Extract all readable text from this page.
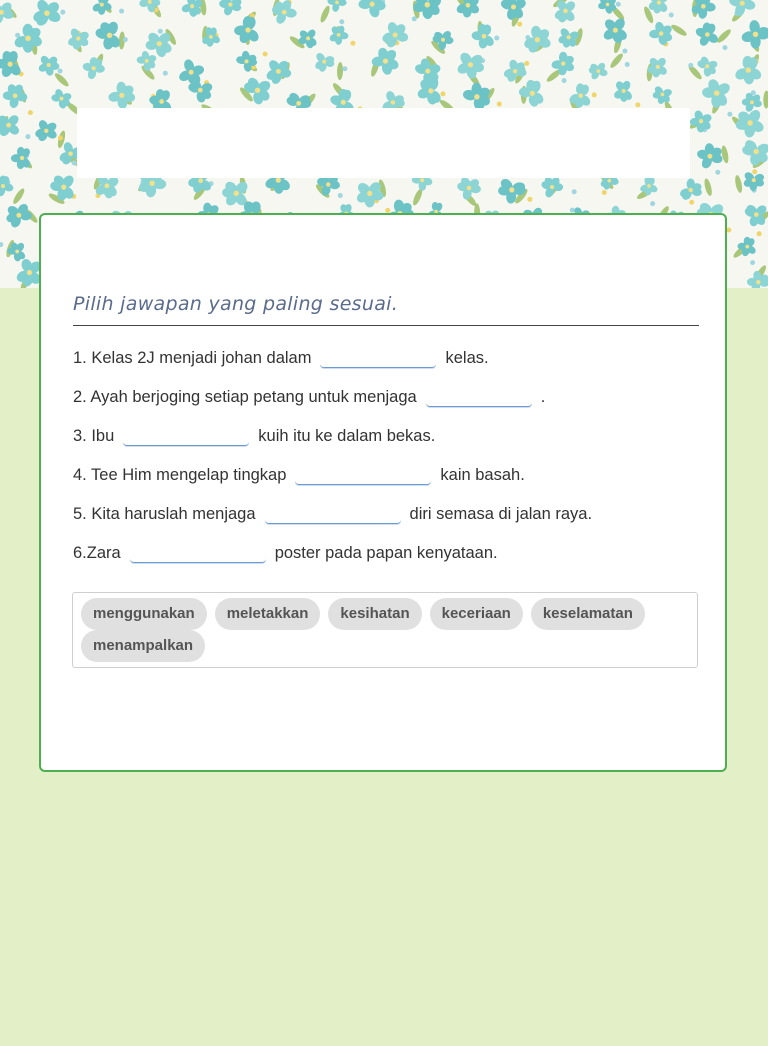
Pilih jawapan yang paling sesuai.
1. Kelas 2J menjadi johan dalam	kelas.
2. Ayah berjoging setiap petang untuk menjaga	.
3. Ibu	kuih itu ke dalam bekas.
4. Tee Him mengelap tingkap	kain basah.
5. Kita haruslah menjaga	diri semasa di jalan raya.
6.Zara	poster pada papan kenyataan.
menggunakan	meletakkan	kesihatan	keceriaan	keselamatan
menampalkan
